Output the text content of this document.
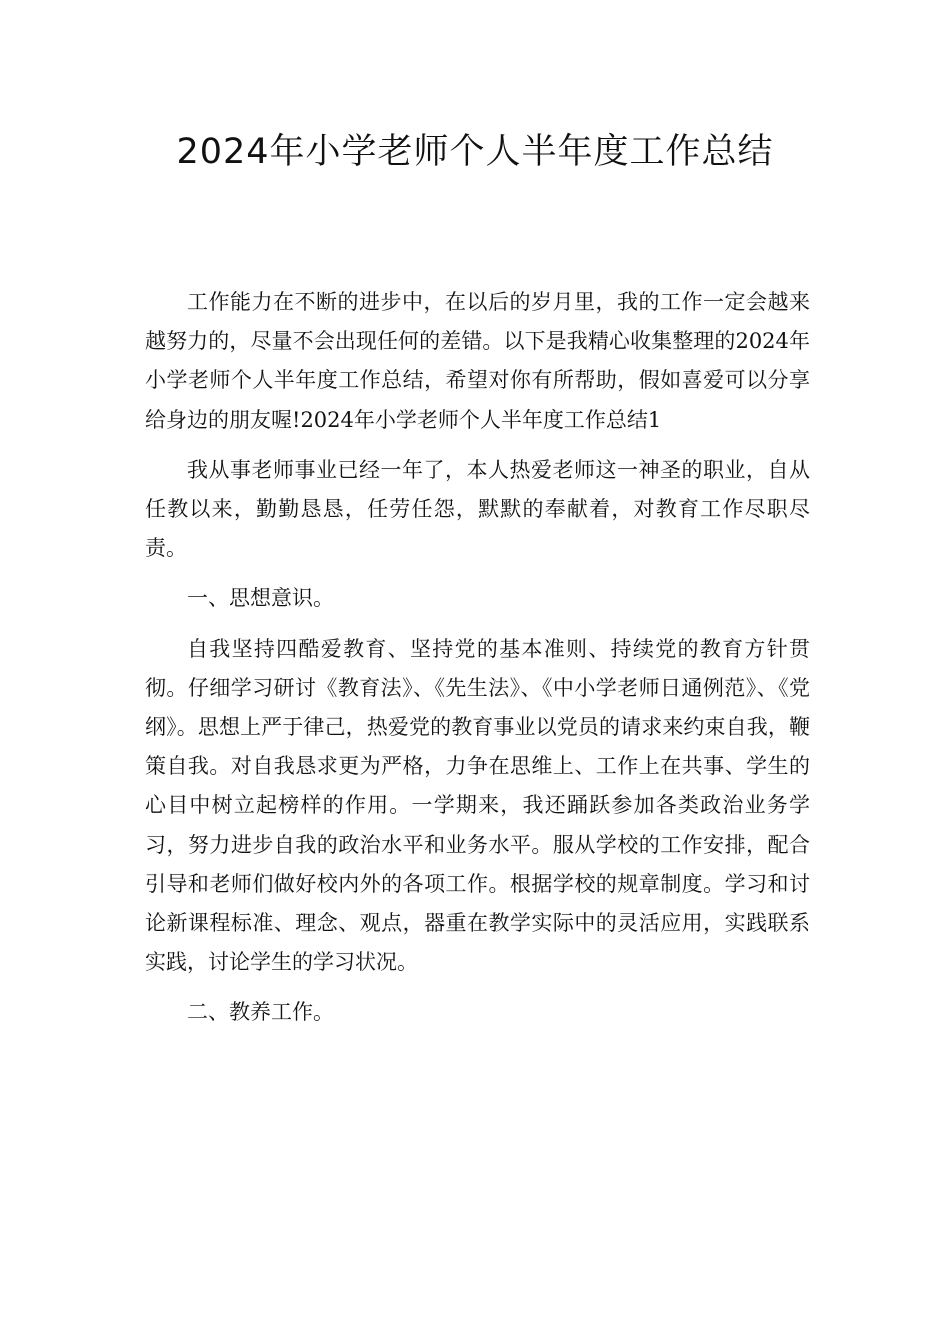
2024年小学老师个人半年度工作总结

工作能力在不断的进步中，在以后的岁月里，我的工作一定会越来越努力的，尽量不会出现任何的差错。以下是我精心收集整理的2024年小学老师个人半年度工作总结，希望对你有所帮助，假如喜爱可以分享给身边的朋友喔!2024年小学老师个人半年度工作总结1

我从事老师事业已经一年了，本人热爱老师这一神圣的职业，自从任教以来，勤勤恳恳，任劳任怨，默默的奉献着，对教育工作尽职尽责。

一、思想意识。

自我坚持四酷爱教育、坚持党的基本准则、持续党的教育方针贯彻。仔细学习研讨《教育法》、《先生法》、《中小学老师日通例范》、《党纲》。思想上严于律己，热爱党的教育事业以党员的请求来约束自我，鞭策自我。对自我恳求更为严格，力争在思维上、工作上在共事、学生的心目中树立起榜样的作用。一学期来，我还踊跃参加各类政治业务学习，努力进步自我的政治水平和业务水平。服从学校的工作安排，配合引导和老师们做好校内外的各项工作。根据学校的规章制度。学习和讨论新课程标准、理念、观点，器重在教学实际中的灵活应用，实践联系实践，讨论学生的学习状况。

二、教养工作。
